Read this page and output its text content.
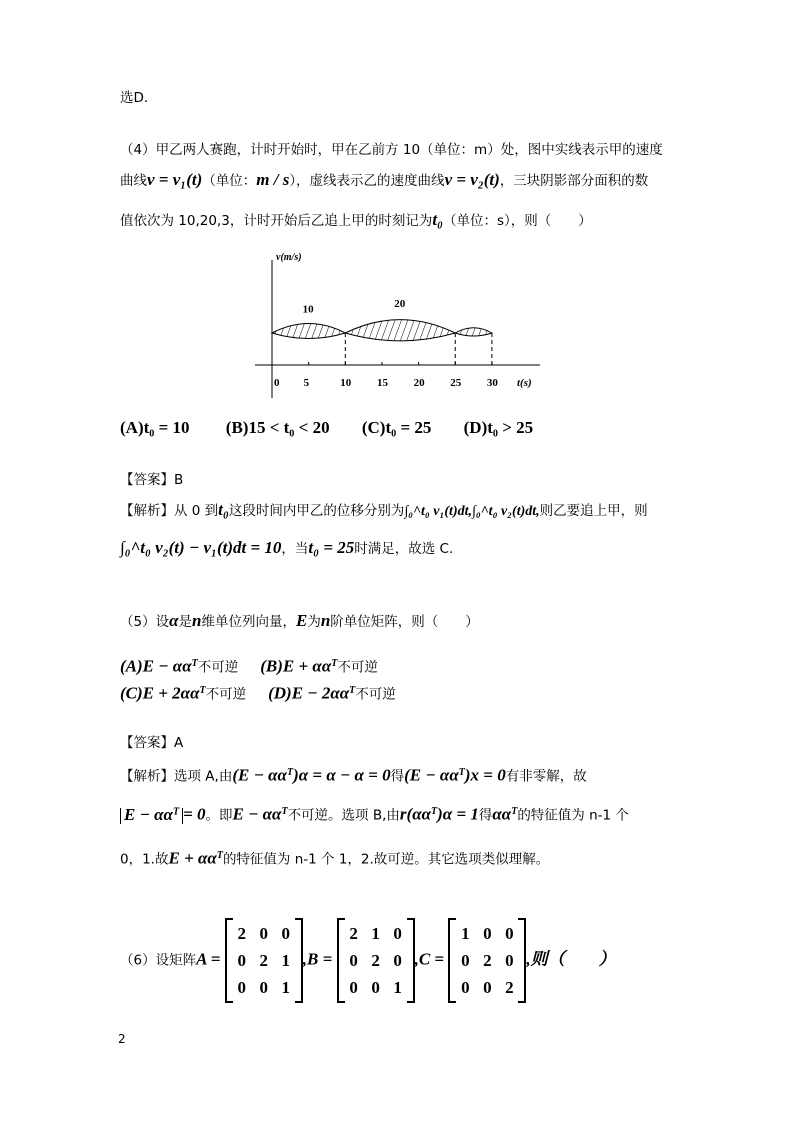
选D.
（4）甲乙两人赛跑，计时开始时，甲在乙前方 10（单位：m）处，图中实线表示甲的速度
曲线v = v₁(t)（单位：m / s），虚线表示乙的速度曲线v = v₂(t)，三块阴影部分面积的数
值依次为 10,20,3，计时开始后乙追上甲的时刻记为t₀（单位：s），则（　　）
v(m/s)
t(s)
10	20
0 5	10 15 20 25 30
(A)t₀ = 10 (B)15 < t₀ < 20 (C)t₀ = 25 (D)t₀ > 25
【答案】B
【解析】从 0 到t₀这段时间内甲乙的位移分别为∫₀^t₀ v₁(t)dt,∫₀^t₀ v₂(t)dt,则乙要追上甲，则
∫₀^t₀ v₂(t) − v₁(t)dt = 10，当t₀ = 25时满足，故选 C.
（5）设α是n维单位列向量，E为n阶单位矩阵，则（　　）
$(A)E - \alpha\alpha^T$不可逆 $(B)E + \alpha\alpha^T$不可逆
$(C)E + 2\alpha\alpha^T$不可逆 $(D)E - 2\alpha\alpha^T$不可逆
【答案】A
【解析】选项 A,由$(E - \alpha\alpha^T)\alpha = \alpha - \alpha = 0$得$(E - \alpha\alpha^T)x = 0$有非零解，故
$E - \alpha\alpha^T = 0$。即$E - \alpha\alpha^T$不可逆。选项 B,由$r(\alpha\alpha^T)\alpha = 1$得$\alpha\alpha^T$的特征值为 n-1 个
0，1.故$E + \alpha\alpha^T$的特征值为 n-1 个 1，2.故可逆。其它选项类似理解。
（6）设矩阵A =
2 0 0
0 2 1
0 0 1
,B =
2 1 0
0 2 0
0 0 1
,C =
1 0 0
0 2 0
0 0 2
,则（　　）
2
